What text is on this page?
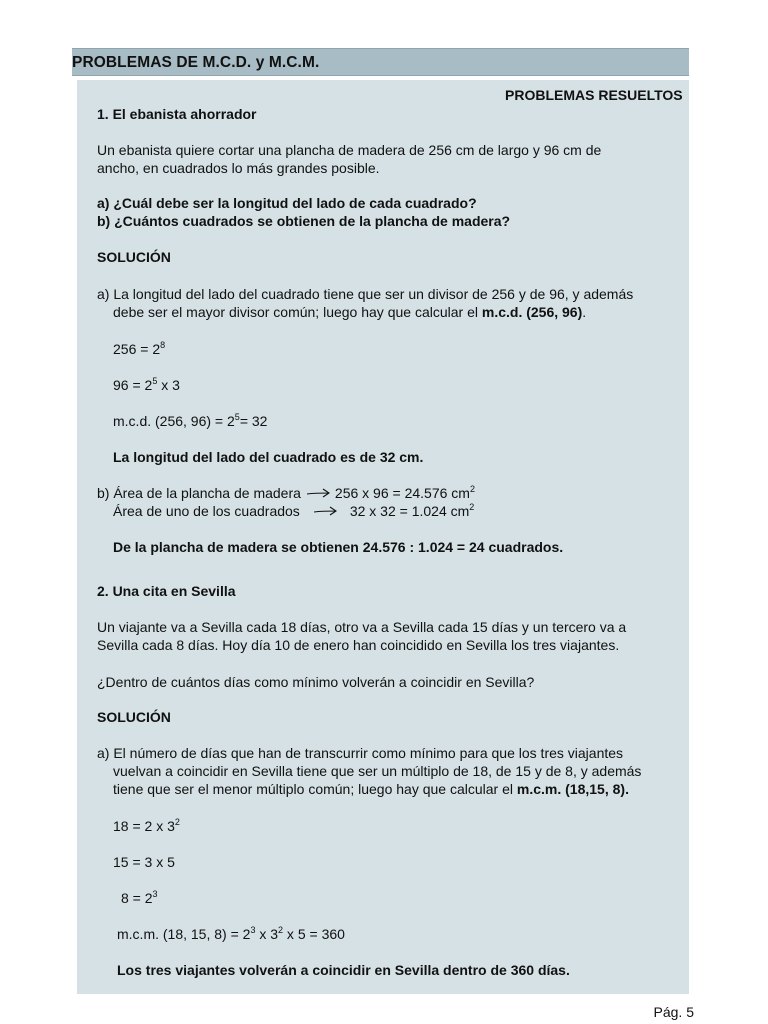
PROBLEMAS DE M.C.D. y M.C.M.
PROBLEMAS RESUELTOS
1. El ebanista ahorrador
Un ebanista quiere cortar una plancha de madera de 256 cm de largo y 96 cm de
ancho, en cuadrados lo más grandes posible.
a) ¿Cuál debe ser la longitud del lado de cada cuadrado?
b) ¿Cuántos cuadrados se obtienen de la plancha de madera?
SOLUCIÓN
a) La longitud del lado del cuadrado tiene que ser un divisor de 256 y de 96, y además
debe ser el mayor divisor común; luego hay que calcular el m.c.d. (256, 96).
$256 = 2^8$
$96 = 2^5$ x 3
m.c.d. (256, $96) = 2^5= 32$
La longitud del lado del cuadrado es de 32 cm.
b) Área de la plancha de madera 256 x 96 = 24.576 $cm^2$
Área de uno de los cuadrados	32 x 32 = 1.024 $cm^2$
De la plancha de madera se obtienen 24.576 : 1.024 = 24 cuadrados.
2. Una cita en Sevilla
Un viajante va a Sevilla cada 18 días, otro va a Sevilla cada 15 días y un tercero va a
Sevilla cada 8 días. Hoy día 10 de enero han coincidido en Sevilla los tres viajantes.
¿Dentro de cuántos días como mínimo volverán a coincidir en Sevilla?
SOLUCIÓN
a) El número de días que han de transcurrir como mínimo para que los tres viajantes
vuelvan a coincidir en Sevilla tiene que ser un múltiplo de 18, de 15 y de 8, y además
tiene que ser el menor múltiplo común; luego hay que calcular el m.c.m. (18,15, 8).
18 = 2 x $3^2$
15 = 3 x 5
$8 = 2^3$
m.c.m. (18, 15, $8) = 2^3$ x $3^2$ x 5 = 360
Los tres viajantes volverán a coincidir en Sevilla dentro de 360 días.
Pág. 5
